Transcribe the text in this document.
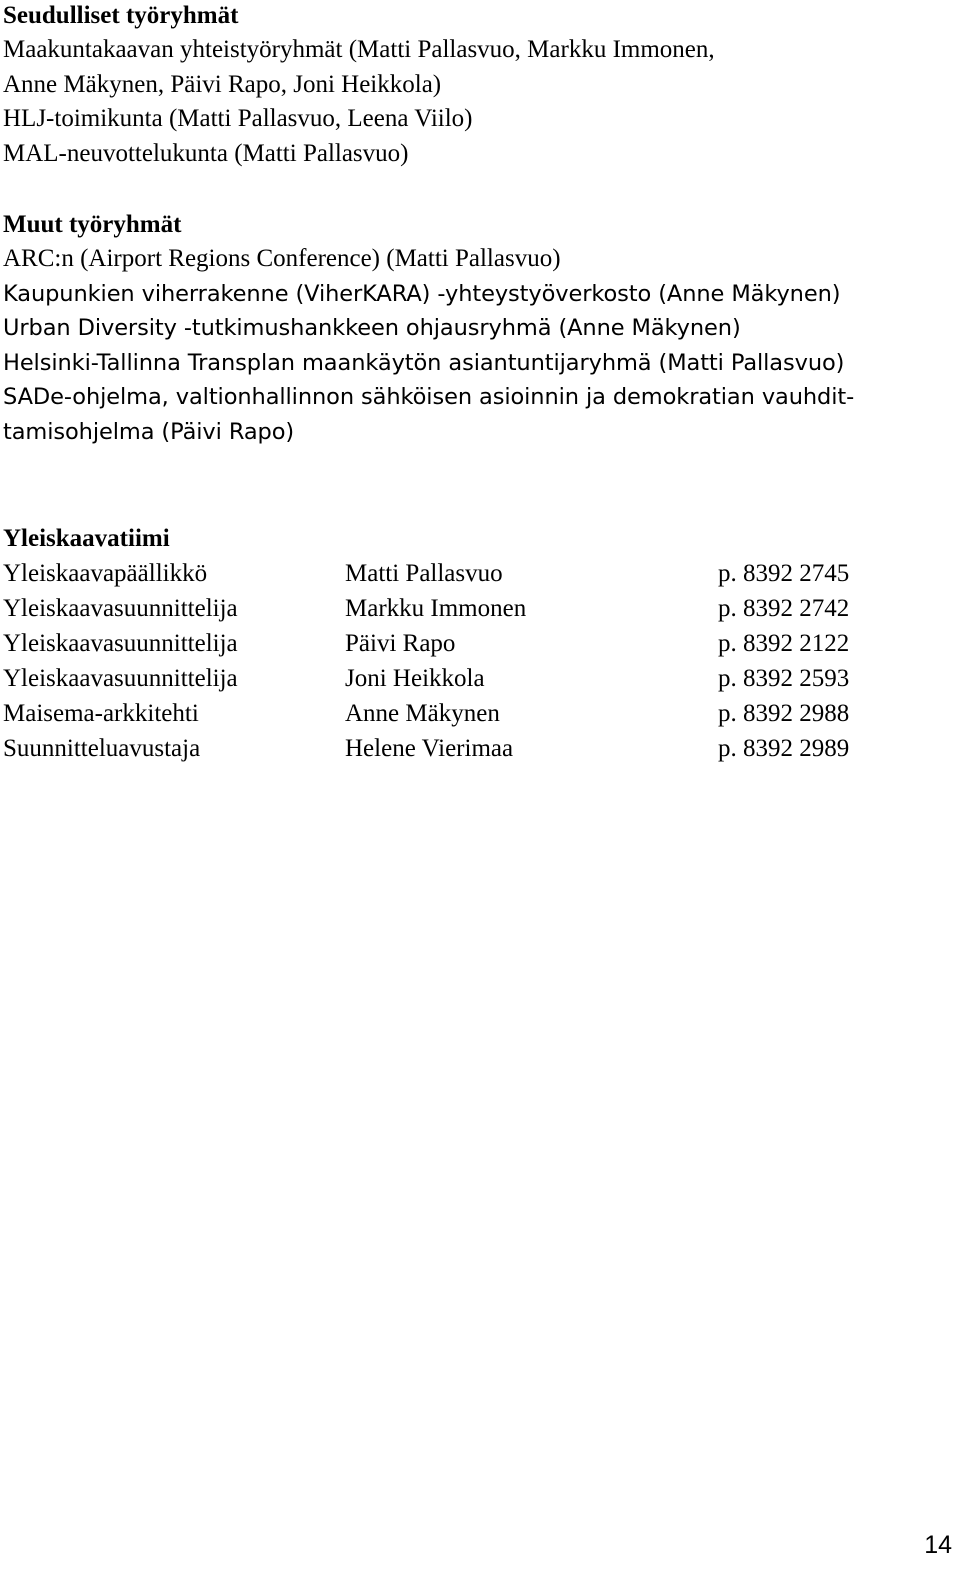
Seudulliset työryhmät

Maakuntakaavan yhteistyöryhmät (Matti Pallasvuo, Markku Immonen,

Anne Mäkynen, Päivi Rapo, Joni Heikkola)

HLJ-toimikunta (Matti Pallasvuo, Leena Viilo)

MAL-neuvottelukunta (Matti Pallasvuo)

Muut työryhmät

ARC:n (Airport Regions Conference) (Matti Pallasvuo)

Kaupunkien viherrakenne (ViherKARA) -yhteystyöverkosto (Anne Mäkynen)

Urban Diversity -tutkimushankkeen ohjausryhmä (Anne Mäkynen)

Helsinki-Tallinna Transplan maankäytön asiantuntijaryhmä (Matti Pallasvuo)

SADe-ohjelma, valtionhallinnon sähköisen asioinnin ja demokratian vauhdit-

tamisohjelma (Päivi Rapo)

Yleiskaavatiimi
Yleiskaavapäällikkö	Matti Pallasvuo	p. 8392 2745
Yleiskaavasuunnittelija	Markku Immonen	p. 8392 2742
Yleiskaavasuunnittelija	Päivi Rapo	p. 8392 2122
Yleiskaavasuunnittelija	Joni Heikkola	p. 8392 2593
Maisema-arkkitehti	Anne Mäkynen	p. 8392 2988
Suunnitteluavustaja	Helene Vierimaa	p. 8392 2989
14
